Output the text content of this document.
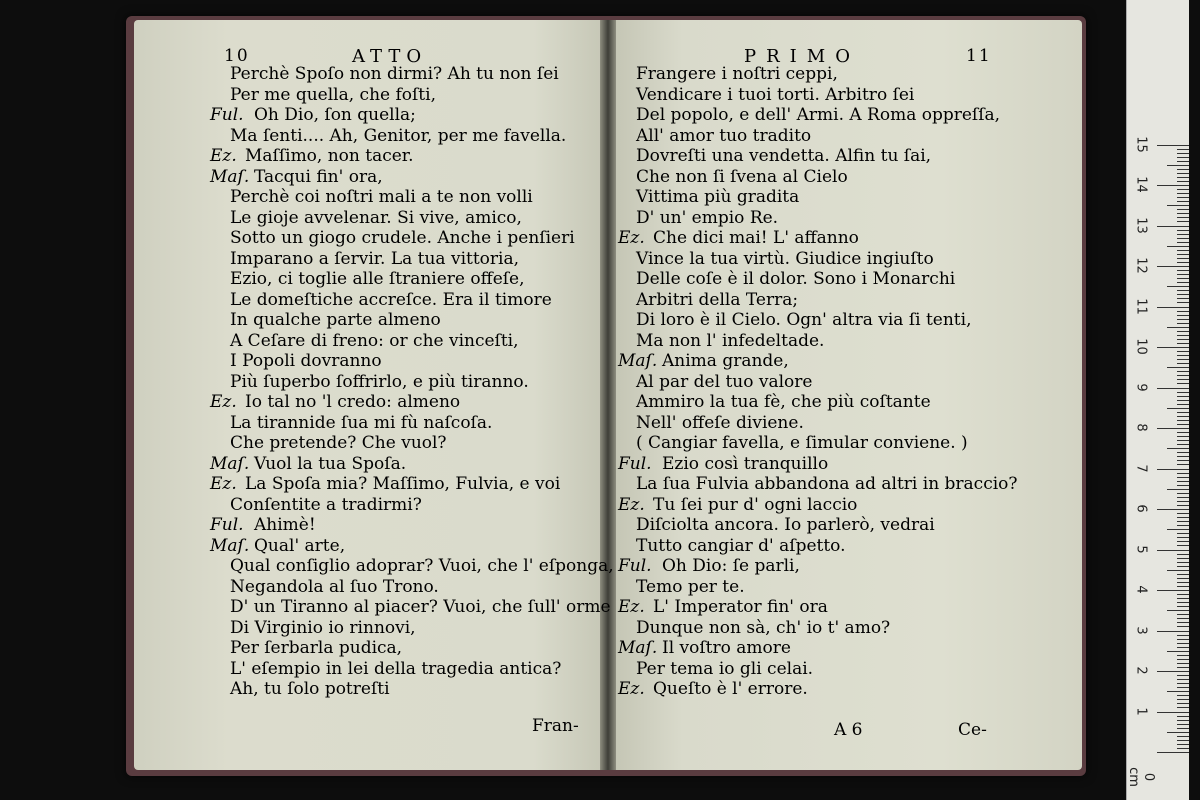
10	ATTO	PRIMO	11
Perchè Spoſo non dirmi? Ah tu non ſei
Per me quella, che foſti,
Ful. Oh Dio, ſon quella;
Ma ſenti.... Ah, Genitor, per me favella.
Ez. Maſſimo, non tacer.
Maſ. Tacqui fin' ora,
Perchè coi noſtri mali a te non volli
Le gioje avvelenar. Si vive, amico,
Sotto un giogo crudele. Anche i penſieri
Imparano a ſervir. La tua vittoria,
Ezio, ci toglie alle ſtraniere offeſe,
Le domeſtiche accreſce. Era il timore
In qualche parte almeno
A Ceſare di freno: or che vinceſti,
I Popoli dovranno
Più ſuperbo ſoffrirlo, e più tiranno.
Ez. Io tal no 'l credo: almeno
La tirannide ſua mi fù naſcoſa.
Che pretende? Che vuol?
Maſ. Vuol la tua Spoſa.
Ez. La Spoſa mia? Maſſimo, Fulvia, e voi
Conſentite a tradirmi?
Ful. Ahimè!
Maſ. Qual' arte,
Qual conſiglio adoprar? Vuoi, che l' eſponga,
Negandola al ſuo Trono.
D' un Tiranno al piacer? Vuoi, che ſull' orme
Di Virginio io rinnovi,
Per ſerbarla pudica,
L' eſempio in lei della tragedia antica?
Ah, tu ſolo potreſti
Frangere i noſtri ceppi,
Vendicare i tuoi torti. Arbitro ſei
Del popolo, e dell' Armi. A Roma oppreſſa,
All' amor tuo tradito
Dovreſti una vendetta. Alfin tu ſai,
Che non ſi ſvena al Cielo
Vittima più gradita
D' un' empio Re.
Ez. Che dici mai! L' affanno
Vince la tua virtù. Giudice ingiuſto
Delle coſe è il dolor. Sono i Monarchi
Arbitri della Terra;
Di loro è il Cielo. Ogn' altra via ſi tenti,
Ma non l' infedeltade.
Maſ. Anima grande,
Al par del tuo valore
Ammiro la tua fè, che più coſtante
Nell' offeſe diviene.
( Cangiar favella, e ſimular conviene. )
Ful. Ezio così tranquillo
La ſua Fulvia abbandona ad altri in braccio?
Ez. Tu ſei pur d' ogni laccio
Diſciolta ancora. Io parlerò, vedrai
Tutto cangiar d' aſpetto.
Ful. Oh Dio: ſe parli,
Temo per te.
Ez. L' Imperator fin' ora
Dunque non sà, ch' io t' amo?
Maſ. Il voſtro amore
Per tema io gli celai.
Ez. Queſto è l' errore.
Fran-	A 6	Ce-
0 cm
1
2
3
4
5
6
7
8
9
10
11
12
13
14
15
